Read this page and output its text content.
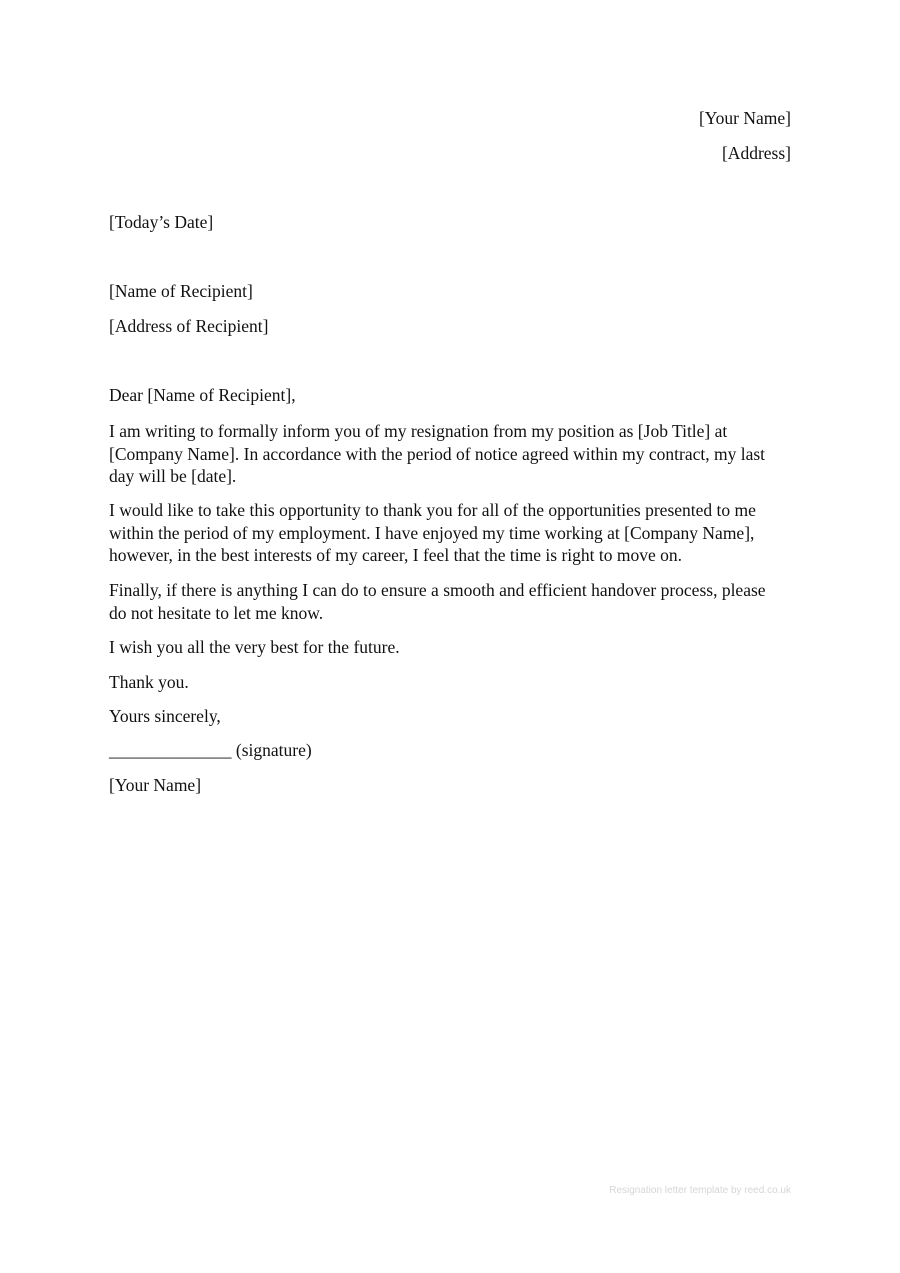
[Your Name]
[Address]
[Today’s Date]
[Name of Recipient]
[Address of Recipient]
Dear [Name of Recipient],
I am writing to formally inform you of my resignation from my position as [Job Title] at
[Company Name]. In accordance with the period of notice agreed within my contract, my last
day will be [date].
I would like to take this opportunity to thank you for all of the opportunities presented to me
within the period of my employment. I have enjoyed my time working at [Company Name],
however, in the best interests of my career, I feel that the time is right to move on.
Finally, if there is anything I can do to ensure a smooth and efficient handover process, please
do not hesitate to let me know.
I wish you all the very best for the future.
Thank you.
Yours sincerely,
______________ (signature)
[Your Name]
Resignation letter template by reed.co.uk
